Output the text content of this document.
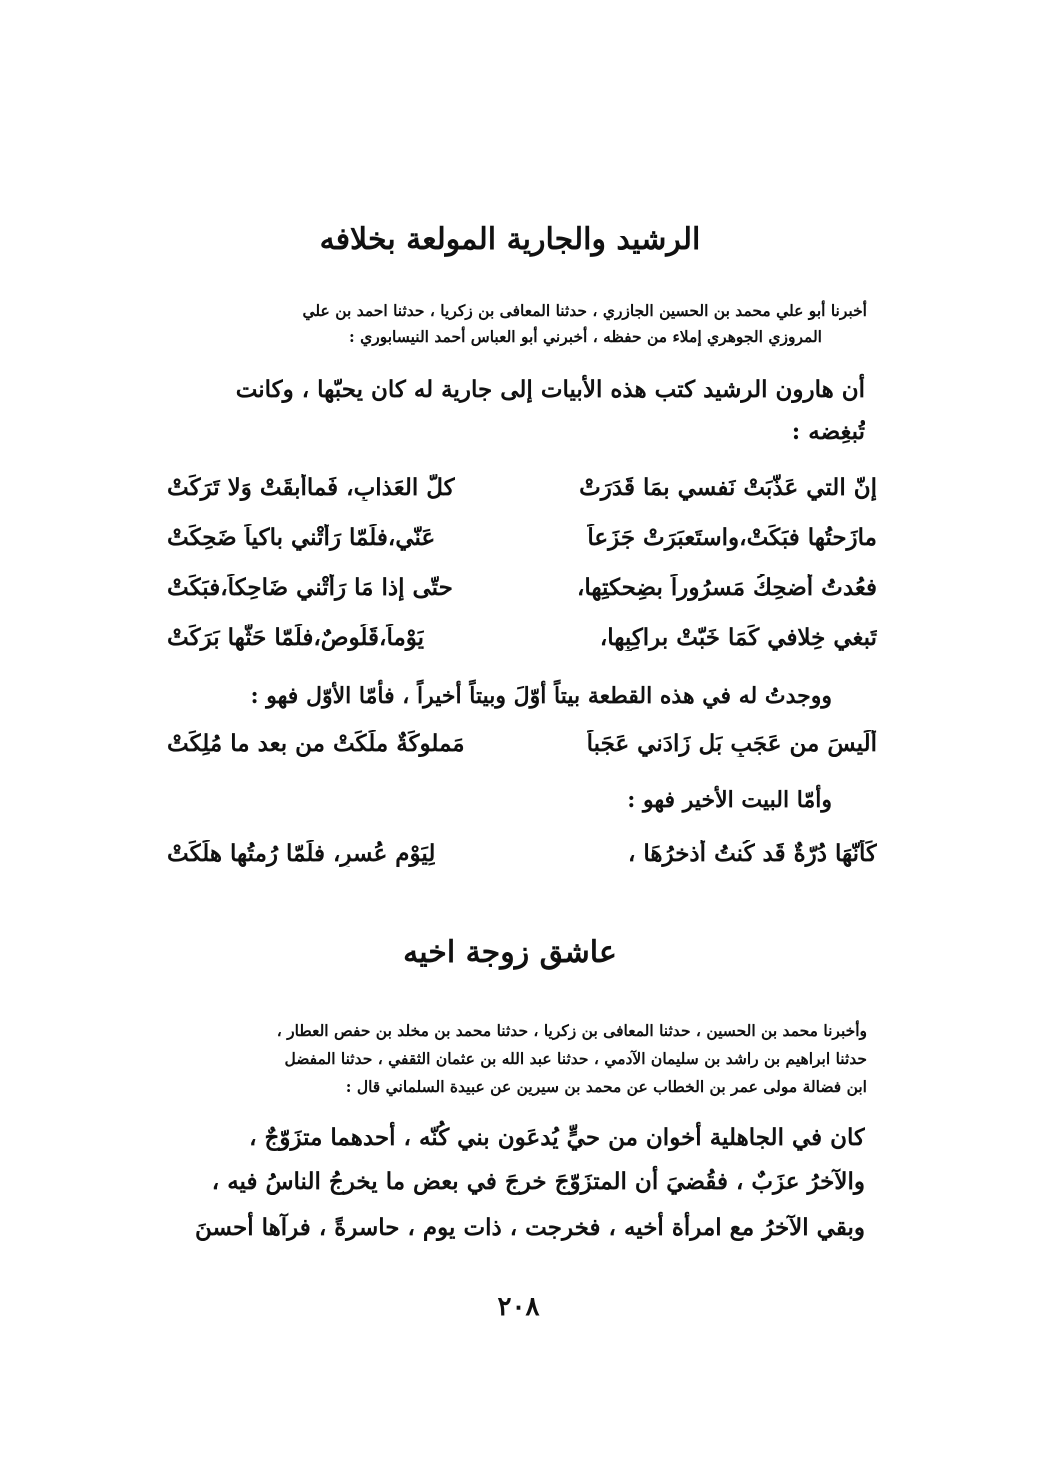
الرشيد والجارية المولعة بخلافه
أخبرنا أبو علي محمد بن الحسين الجازري ، حدثنا المعافى بن زكريا ، حدثنا احمد بن علي
المروزي الجوهري إملاء من حفظه ، أخبرني أبو العباس أحمد النيسابوري :
أن هارون الرشيد كتب هذه الأبيات إلى جارية له كان يحبّها ، وكانت
تُبغِضه :
إنّ التي عَذّبَتْ نَفسي بمَا قَدَرَتْ
كلّ العَذابِ، فَماأبقَتْ وَلا تَرَكَتْ
مازَحتُها فبَكَتْ،واستَعبَرَتْ جَزَعاً
عَنّي،فلَمّا رَأتْني باكياً ضَحِكَتْ
فعُدتُ أُضحِكُ مَسرُوراً بضِحكتِها،
حتّى إذا مَا رَأتْني ضَاحِكاً،فبَكَتْ
تَبغي خِلافي كَمَا خَبّتْ براكِبِها،
يَوْماً،قَلُوصٌ،فلَمّا حَثّها بَرَكَتْ
ووجدتُ له في هذه القطعة بيتاً أوّلَ وبيتاً أخيراً ، فأمّا الأوّل فهو :
ألَيسَ من عَجَبٍ بَل زَادَني عَجَباً
مَملوكَةٌ ملَكَتْ من بعد ما مُلِكَتْ
وأمّا البيت الأخير فهو :
كَأنّهَا دُرّةٌ قَد كُنتُ أذخرُهَا ،
لِيَوْمِ عُسرٍ، فلَمّا رُمتُها هلَكَتْ
عاشق زوجة اخيه
وأخبرنا محمد بن الحسين ، حدثنا المعافى بن زكريا ، حدثنا محمد بن مخلد بن حفص العطار ،
حدثنا ابراهيم بن راشد بن سليمان الآدمي ، حدثنا عبد الله بن عثمان الثقفي ، حدثنا المفضل
ابن فضالة مولى عمر بن الخطاب عن محمد بن سيرين عن عبيدة السلماني قال :
كان في الجاهلية أخوان من حيٍّ يُدعَون بني كُنّه ، أحدهما متزَوّجٌ ،
والآخرُ عزَبٌ ، فقُضيَ أن المتزَوّجَ خرجَ في بعض ما يخرجُ الناسُ فيه ،
وبقي الآخرُ مع امرأة أخيه ، فخرجت ، ذات يوم ، حاسرةً ، فرآها أحسنَ
٢٠٨
